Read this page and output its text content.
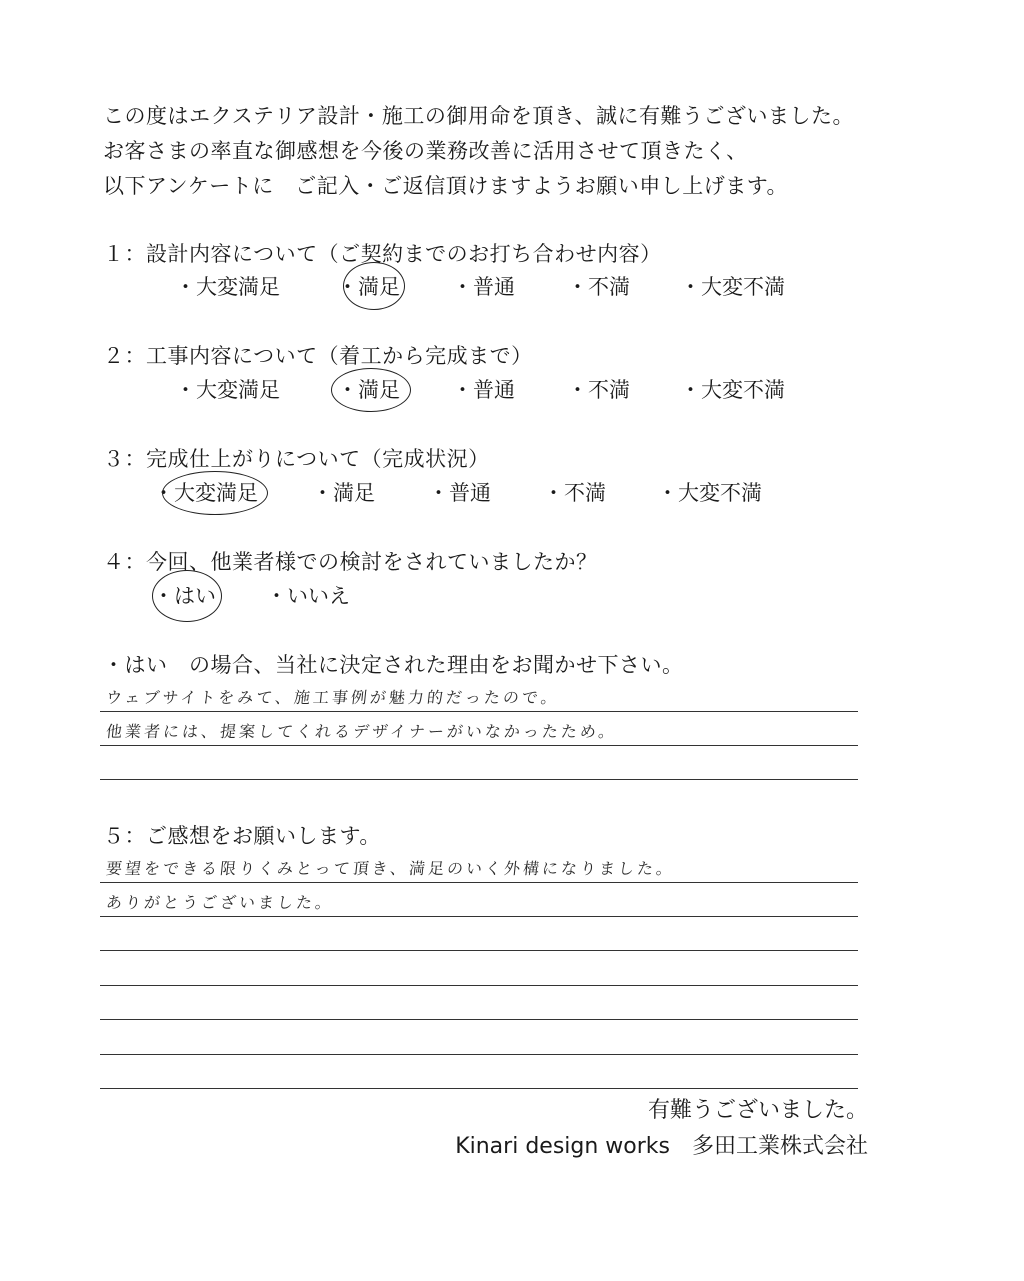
この度はエクステリア設計・施工の御用命を頂き、誠に有難うございました。
お客さまの率直な御感想を今後の業務改善に活用させて頂きたく、
以下アンケートに　ご記入・ご返信頂けますようお願い申し上げます。
１：設計内容について（ご契約までのお打ち合わせ内容）
・大変満足	・満足 ・普通 ・不満 ・大変不満
２：工事内容について（着工から完成まで）
・大変満足	・満足 ・普通 ・不満 ・大変不満
３：完成仕上がりについて（完成状況）
・大変満足	・満足	・普通 ・不満 ・大変不満
４：今回、他業者様での検討をされていましたか？
・はい ・いいえ
・はい　の場合、当社に決定された理由をお聞かせ下さい。
ウェブサイトをみて、施工事例が魅力的だったので。
他業者には、提案してくれるデザイナーがいなかったため。
５：ご感想をお願いします。
要望をできる限りくみとって頂き、満足のいく外構になりました。
ありがとうございました。
有難うございました。
Kinari design works　多田工業株式会社
